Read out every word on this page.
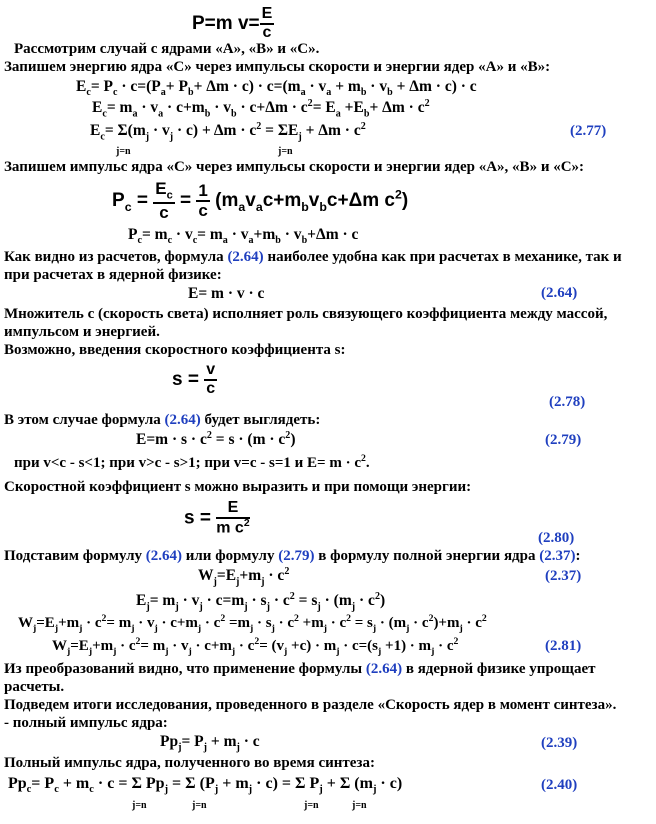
P=m $v= \frac{E}{c}$
Рассмотрим случай с ядрами «А», «В» и «С».
Запишем энергию ядра «С» через импульсы скорости и энергии ядер «А» и «В»:
$E_c= P_c \cdot c=(P_a+ P_b+ \Delta m \cdot c) \cdot c=(m_a \cdot v_a + m_b \cdot v_b + \Delta m \cdot c) \cdot c$
$E_c= m_a \cdot v_a \cdot c+m_b \cdot v_b \cdot c+\Delta m \cdot c^2= E_a +E_b+ \Delta m \cdot c^2$
$E_c= \Sigma(m_j \cdot v_j \cdot c) + \Delta m \cdot c^2 = \Sigma E_j + \Delta m \cdot c^2$	(2.77)
j=n	j=n
Запишем импульс ядра «С» через импульсы скорости и энергии ядер «А», «В» и «С»:
$P_c = \frac{E_c}{c} = \frac{1}{c} (m_av_ac+m_bv_bc+\Delta m$ $c^2$)
$P_c= m_c \cdot v_c= m_a \cdot v_a+m_b \cdot v_b+\Delta m \cdot c$
Как видно из расчетов, формула (2.64) наиболее удобна как при расчетах в механике, так и
при расчетах в ядерной физике:
E= m · v · c	(2.64)
Множитель с (скорость света) исполняет роль связующего коэффициента между массой,
импульсом и энергией.
Возможно, введения скоростного коэффициента s:
$s = \frac{v}{c}$
(2.78)
В этом случае формула (2.64) будет выглядеть:
$E=m \cdot s \cdot c^2 = s \cdot (m \cdot c^2)$	(2.79)
при v<c - s<1; при v>c - s>1; при v=c - s=1 и $E= m \cdot c^2$.
Скоростной коэффициент s можно выразить и при помощи энергии:
$s = \frac{E}{m c^2}$
(2.80)
Подставим формулу (2.64) или формулу (2.79) в формулу полной энергии ядра (2.37):
$W_j=E_j+m_j \cdot c^2$	(2.37)
$E_j= m_j \cdot v_j \cdot c=m_j \cdot s_j \cdot c^2 = s_j \cdot (m_j \cdot c^2)$
$W_j=E_j+m_j \cdot c^2= m_j \cdot v_j \cdot c+m_j \cdot c^2 =m_j \cdot s_j \cdot c^2 +m_j \cdot c^2 = s_j \cdot (m_j \cdot c^2)+m_j \cdot c^2$
$W_j=E_j+m_j \cdot c^2= m_j \cdot v_j \cdot c+m_j \cdot c^2= (v_j +c) \cdot m_j \cdot c=(s_j +1) \cdot m_j \cdot c^2$	(2.81)
Из преобразований видно, что применение формулы (2.64) в ядерной физике упрощает
расчеты.
Подведем итоги исследования, проведенного в разделе «Скорость ядер в момент синтеза».
- полный импульс ядра:
$Pp_j= P_j + m_j \cdot c$	(2.39)
Полный импульс ядра, полученного во время синтеза:
$Pp_c= P_c + m_c \cdot c = \Sigma$ $Pp_j = \Sigma$ $(P_j + m_j \cdot c) = \Sigma$ $P_j + \Sigma$ $(m_j \cdot c)$	(2.40)
j=n	j=n	j=n	j=n
